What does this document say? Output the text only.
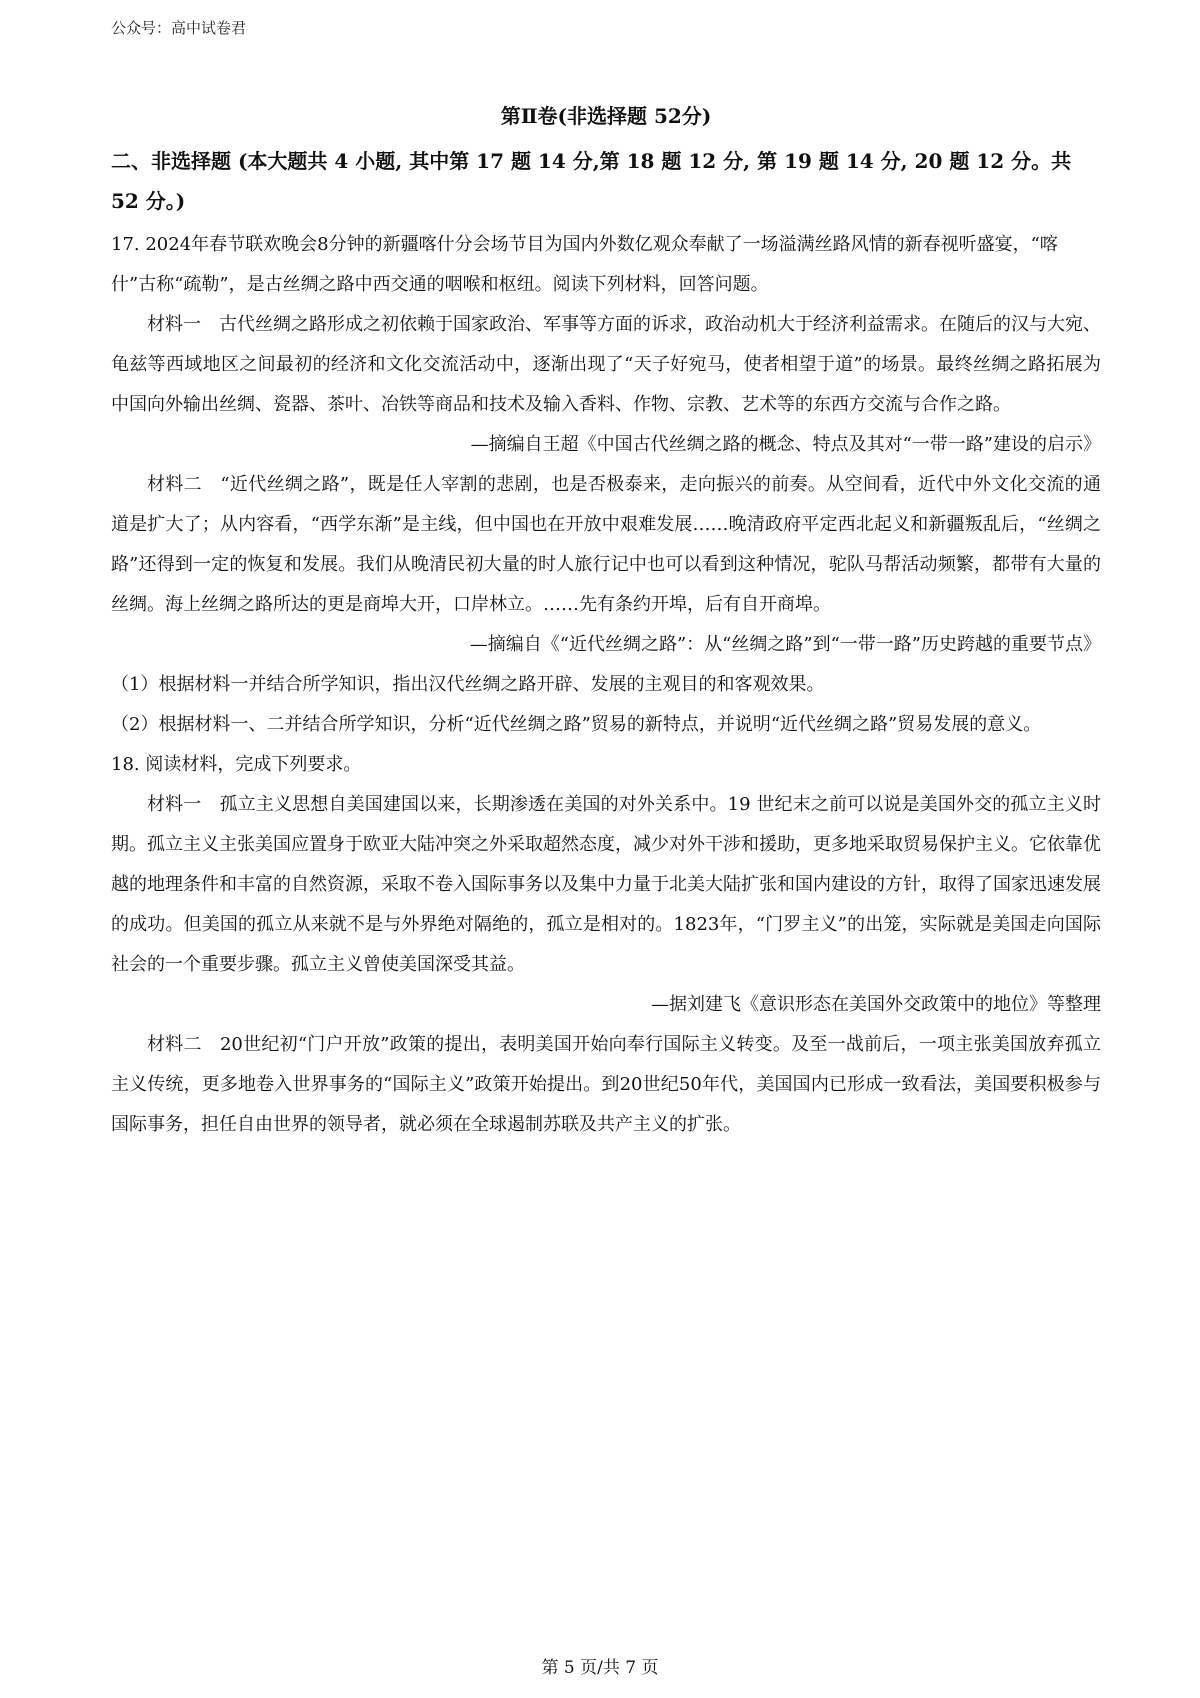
公众号：高中试卷君
第Ⅱ卷(非选择题 52分)
二、非选择题 (本大题共 4 小题, 其中第 17 题 14 分,第 18 题 12 分, 第 19 题 14 分, 20 题 12 分。共 52 分。)

17. 2024年春节联欢晚会8分钟的新疆喀什分会场节目为国内外数亿观众奉献了一场溢满丝路风情的新春视听盛宴，“喀什”古称“疏勒”，是古丝绸之路中西交通的咽喉和枢纽。阅读下列材料，回答问题。

材料一　古代丝绸之路形成之初依赖于国家政治、军事等方面的诉求，政治动机大于经济利益需求。在随后的汉与大宛、龟兹等西域地区之间最初的经济和文化交流活动中，逐渐出现了“天子好宛马，使者相望于道”的场景。最终丝绸之路拓展为中国向外输出丝绸、瓷器、茶叶、冶铁等商品和技术及输入香料、作物、宗教、艺术等的东西方交流与合作之路。

—摘编自王超《中国古代丝绸之路的概念、特点及其对“一带一路”建设的启示》

材料二　“近代丝绸之路”，既是任人宰割的悲剧，也是否极泰来，走向振兴的前奏。从空间看，近代中外文化交流的通道是扩大了；从内容看，“西学东渐”是主线，但中国也在开放中艰难发展……晚清政府平定西北起义和新疆叛乱后，“丝绸之路”还得到一定的恢复和发展。我们从晚清民初大量的时人旅行记中也可以看到这种情况，驼队马帮活动频繁，都带有大量的丝绸。海上丝绸之路所达的更是商埠大开，口岸林立。……先有条约开埠，后有自开商埠。

—摘编自《“近代丝绸之路”：从“丝绸之路”到“一带一路”历史跨越的重要节点》

（1）根据材料一并结合所学知识，指出汉代丝绸之路开辟、发展的主观目的和客观效果。

（2）根据材料一、二并结合所学知识，分析“近代丝绸之路”贸易的新特点，并说明“近代丝绸之路”贸易发展的意义。

18. 阅读材料，完成下列要求。

材料一　孤立主义思想自美国建国以来，长期渗透在美国的对外关系中。19 世纪末之前可以说是美国外交的孤立主义时期。孤立主义主张美国应置身于欧亚大陆冲突之外采取超然态度，减少对外干涉和援助，更多地采取贸易保护主义。它依靠优越的地理条件和丰富的自然资源，采取不卷入国际事务以及集中力量于北美大陆扩张和国内建设的方针，取得了国家迅速发展的成功。但美国的孤立从来就不是与外界绝对隔绝的，孤立是相对的。1823年，“门罗主义”的出笼，实际就是美国走向国际社会的一个重要步骤。孤立主义曾使美国深受其益。

—据刘建飞《意识形态在美国外交政策中的地位》等整理

材料二　20世纪初“门户开放”政策的提出，表明美国开始向奉行国际主义转变。及至一战前后，一项主张美国放弃孤立主义传统，更多地卷入世界事务的“国际主义”政策开始提出。到20世纪50年代，美国国内已形成一致看法，美国要积极参与国际事务，担任自由世界的领导者，就必须在全球遏制苏联及共产主义的扩张。

第 5 页/共 7 页
